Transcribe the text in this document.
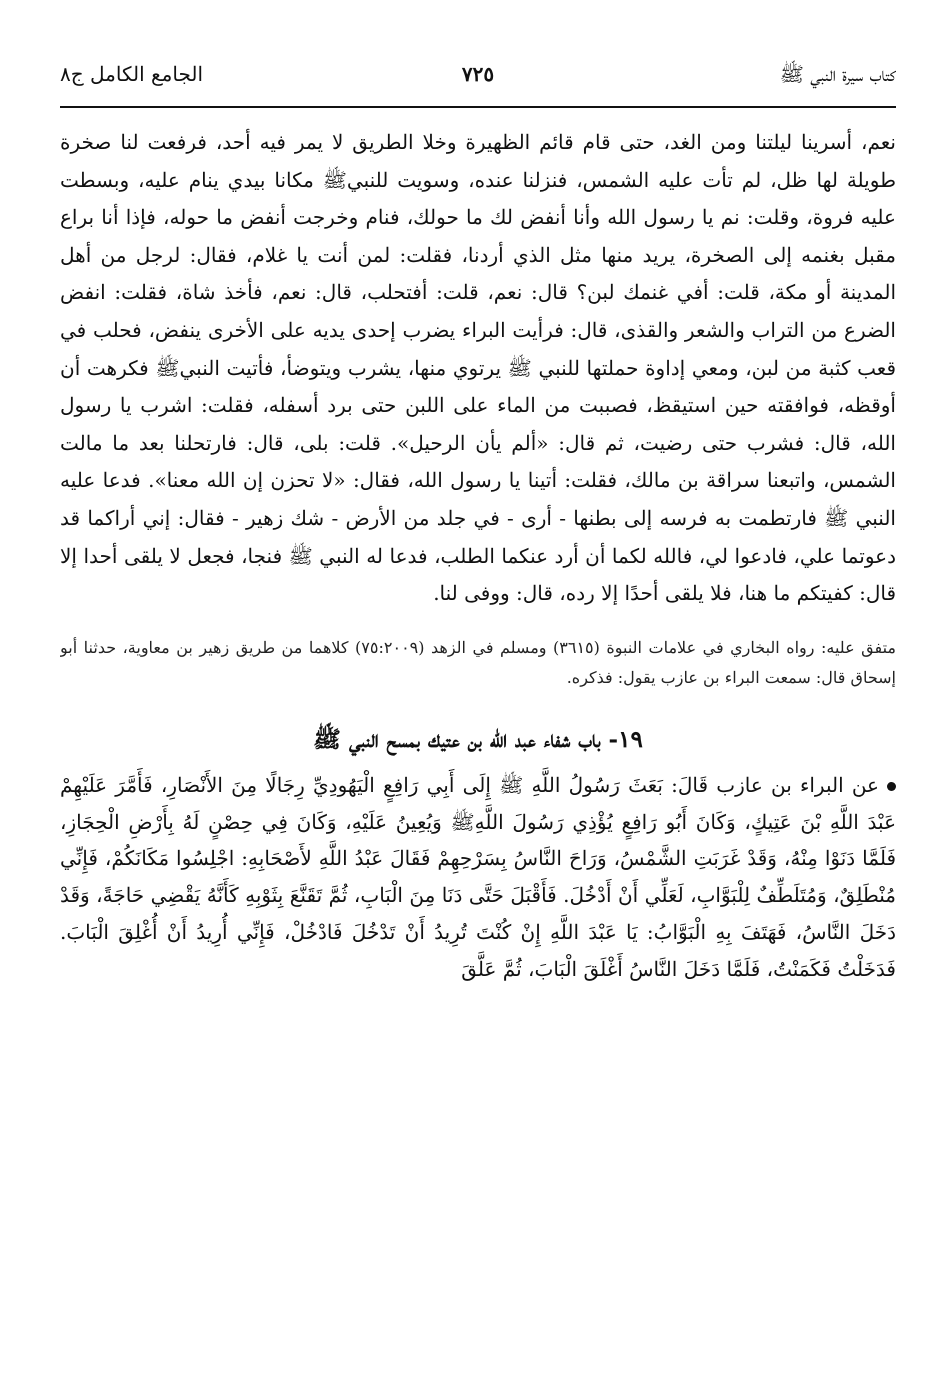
كتاب سيرة النبي ﷺ
٧٢٥
الجامع الكامل ج٨

نعم، أسرينا ليلتنا ومن الغد، حتى قام قائم الظهيرة وخلا الطريق لا يمر فيه أحد، فرفعت لنا صخرة طويلة لها ظل، لم تأت عليه الشمس، فنزلنا عنده، وسويت للنبيﷺ مكانا بيدي ينام عليه، وبسطت عليه فروة، وقلت: نم يا رسول الله وأنا أنفض لك ما حولك، فنام وخرجت أنفض ما حوله، فإذا أنا براع مقبل بغنمه إلى الصخرة، يريد منها مثل الذي أردنا، فقلت: لمن أنت يا غلام، فقال: لرجل من أهل المدينة أو مكة، قلت: أفي غنمك لبن؟ قال: نعم، قلت: أفتحلب، قال: نعم، فأخذ شاة، فقلت: انفض الضرع من التراب والشعر والقذى، قال: فرأيت البراء يضرب إحدى يديه على الأخرى ينفض، فحلب في قعب كثبة من لبن، ومعي إداوة حملتها للنبي ﷺ يرتوي منها، يشرب ويتوضأ، فأتيت النبيﷺ فكرهت أن أوقظه، فوافقته حين استيقظ، فصببت من الماء على اللبن حتى برد أسفله، فقلت: اشرب يا رسول الله، قال: فشرب حتى رضيت، ثم قال: «ألم يأن الرحيل». قلت: بلى، قال: فارتحلنا بعد ما مالت الشمس، واتبعنا سراقة بن مالك، فقلت: أتينا يا رسول الله، فقال: «لا تحزن إن الله معنا». فدعا عليه النبي ﷺ فارتطمت به فرسه إلى بطنها - أرى - في جلد من الأرض - شك زهير - فقال: إني أراكما قد دعوتما علي، فادعوا لي، فالله لكما أن أرد عنكما الطلب، فدعا له النبي ﷺ فنجا، فجعل لا يلقى أحدا إلا قال: كفيتكم ما هنا، فلا يلقى أحدًا إلا رده، قال: ووفى لنا.

متفق عليه: رواه البخاري في علامات النبوة (٣٦١٥) ومسلم في الزهد (٧٥:٢٠٠٩) كلاهما من طريق زهير بن معاوية، حدثنا أبو إسحاق قال: سمعت البراء بن عازب يقول: فذكره.

١٩- باب شفاء عبد الله بن عتيك بمسح النبي ﷺ

عن البراء بن عازب قَالَ: بَعَثَ رَسُولُ اللَّهِ ﷺ إِلَى أَبِي رَافِعٍ الْيَهُودِيِّ رِجَالًا مِنَ الأَنْصَارِ، فَأَمَّرَ عَلَيْهِمْ عَبْدَ اللَّهِ بْنَ عَتِيكٍ، وَكَانَ أَبُو رَافِعٍ يُؤْذِي رَسُولَ اللَّهِﷺ وَيُعِينُ عَلَيْهِ، وَكَانَ فِي حِصْنٍ لَهُ بِأَرْضِ الْحِجَازِ، فَلَمَّا دَنَوْا مِنْهُ، وَقَدْ غَرَبَتِ الشَّمْسُ، وَرَاحَ النَّاسُ بِسَرْحِهِمْ فَقَالَ عَبْدُ اللَّهِ لأَصْحَابِهِ: اجْلِسُوا مَكَانَكُمْ، فَإِنِّي مُنْطَلِقٌ، وَمُتَلَطِّفٌ لِلْبَوَّابِ، لَعَلِّي أَنْ أَدْخُلَ. فَأَقْبَلَ حَتَّى دَنَا مِنَ الْبَابِ، ثُمَّ تَقَنَّعَ بِثَوْبِهِ كَأَنَّهُ يَقْضِي حَاجَةً، وَقَدْ دَخَلَ النَّاسُ، فَهَتَفَ بِهِ الْبَوَّابُ: يَا عَبْدَ اللَّهِ إِنْ كُنْتَ تُرِيدُ أَنْ تَدْخُلَ فَادْخُلْ، فَإِنِّي أُرِيدُ أَنْ أُغْلِقَ الْبَابَ. فَدَخَلْتُ فَكَمَنْتُ، فَلَمَّا دَخَلَ النَّاسُ أَغْلَقَ الْبَابَ، ثُمَّ عَلَّقَ
